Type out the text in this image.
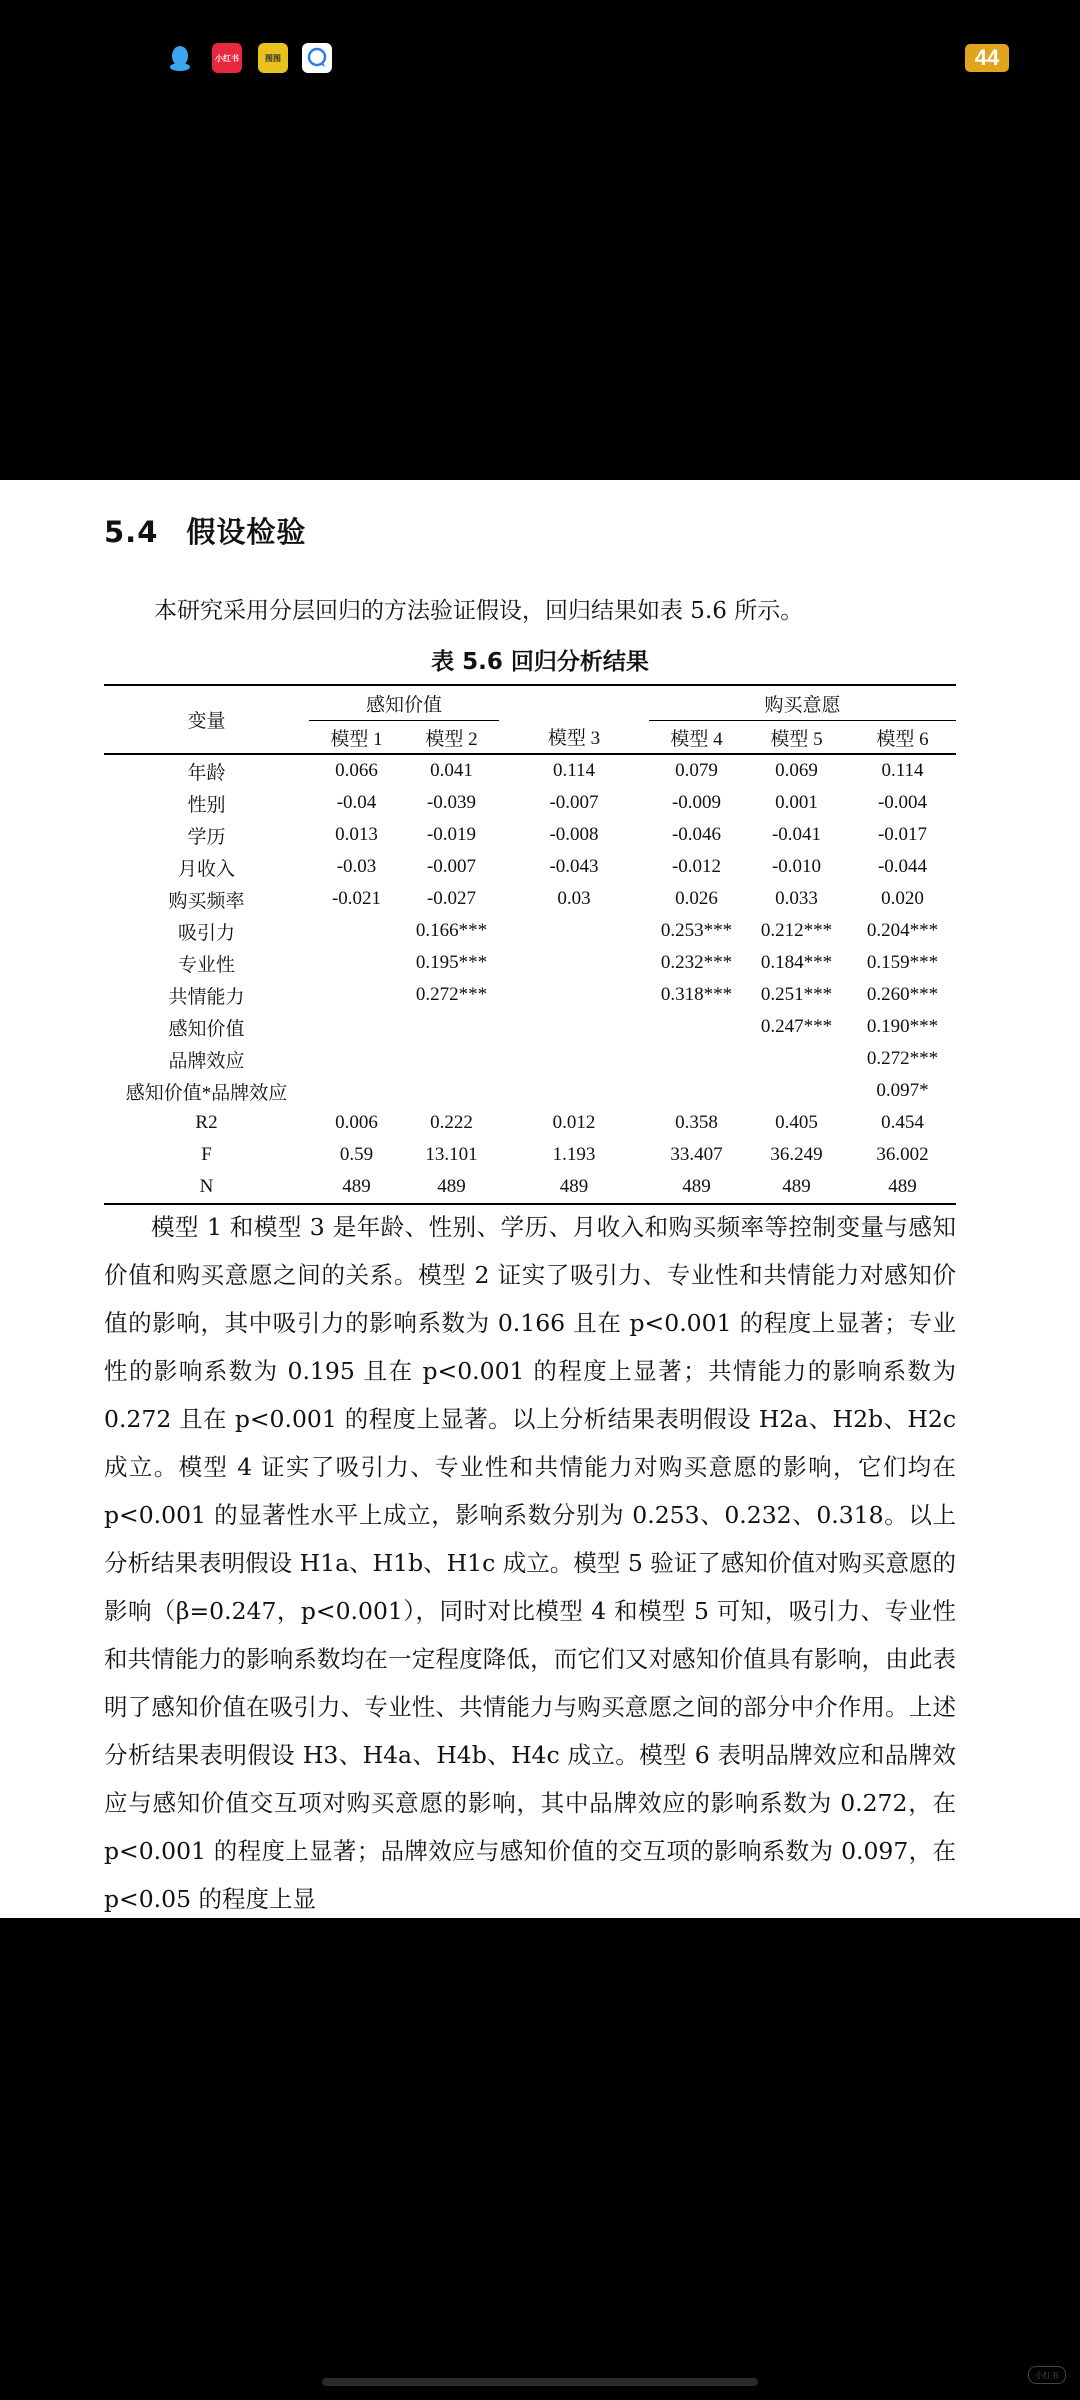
小红书	图图	44
5.4 假设检验
本研究采用分层回归的方法验证假设，回归结果如表 5.6 所示。
表 5.6 回归分析结果
变量	感知价值			购买意愿		
	模型 1	模型 2	模型 3	模型 4	模型 5	模型 6
年龄	0.066	0.041	0.114	0.079	0.069	0.114
性别	-0.04	-0.039	-0.007	-0.009	0.001	-0.004
学历	0.013	-0.019	-0.008	-0.046	-0.041	-0.017
月收入	-0.03	-0.007	-0.043	-0.012	-0.010	-0.044
购买频率	-0.021	-0.027	0.03	0.026	0.033	0.020
吸引力		0.166***		0.253***	0.212***	0.204***
专业性		0.195***		0.232***	0.184***	0.159***
共情能力		0.272***		0.318***	0.251***	0.260***
感知价值					0.247***	0.190***
品牌效应						0.272***
感知价值*品牌效应						0.097*
R2	0.006	0.222	0.012	0.358	0.405	0.454
F	0.59	13.101	1.193	33.407	36.249	36.002
N	489	489	489	489	489	489
模型 1 和模型 3 是年龄、性别、学历、月收入和购买频率等控制变量与感知价值和购买意愿之间的关系。模型 2 证实了吸引力、专业性和共情能力对感知价值的影响，其中吸引力的影响系数为 0.166 且在 p<0.001 的程度上显著；专业性的影响系数为 0.195 且在 p<0.001 的程度上显著；共情能力的影响系数为 0.272 且在 p<0.001 的程度上显著。以上分析结果表明假设 H2a、H2b、H2c 成立。模型 4 证实了吸引力、专业性和共情能力对购买意愿的影响，它们均在 p<0.001 的显著性水平上成立，影响系数分别为 0.253、0.232、0.318。以上分析结果表明假设 H1a、H1b、H1c 成立。模型 5 验证了感知价值对购买意愿的影响（β=0.247，p<0.001），同时对比模型 4 和模型 5 可知，吸引力、专业性和共情能力的影响系数均在一定程度降低，而它们又对感知价值具有影响，由此表明了感知价值在吸引力、专业性、共情能力与购买意愿之间的部分中介作用。上述分析结果表明假设 H3、H4a、H4b、H4c 成立。模型 6 表明品牌效应和品牌效应与感知价值交互项对购买意愿的影响，其中品牌效应的影响系数为 0.272，在 p<0.001 的程度上显著；品牌效应与感知价值的交互项的影响系数为 0.097，在 p<0.05 的程度上显
小红书
